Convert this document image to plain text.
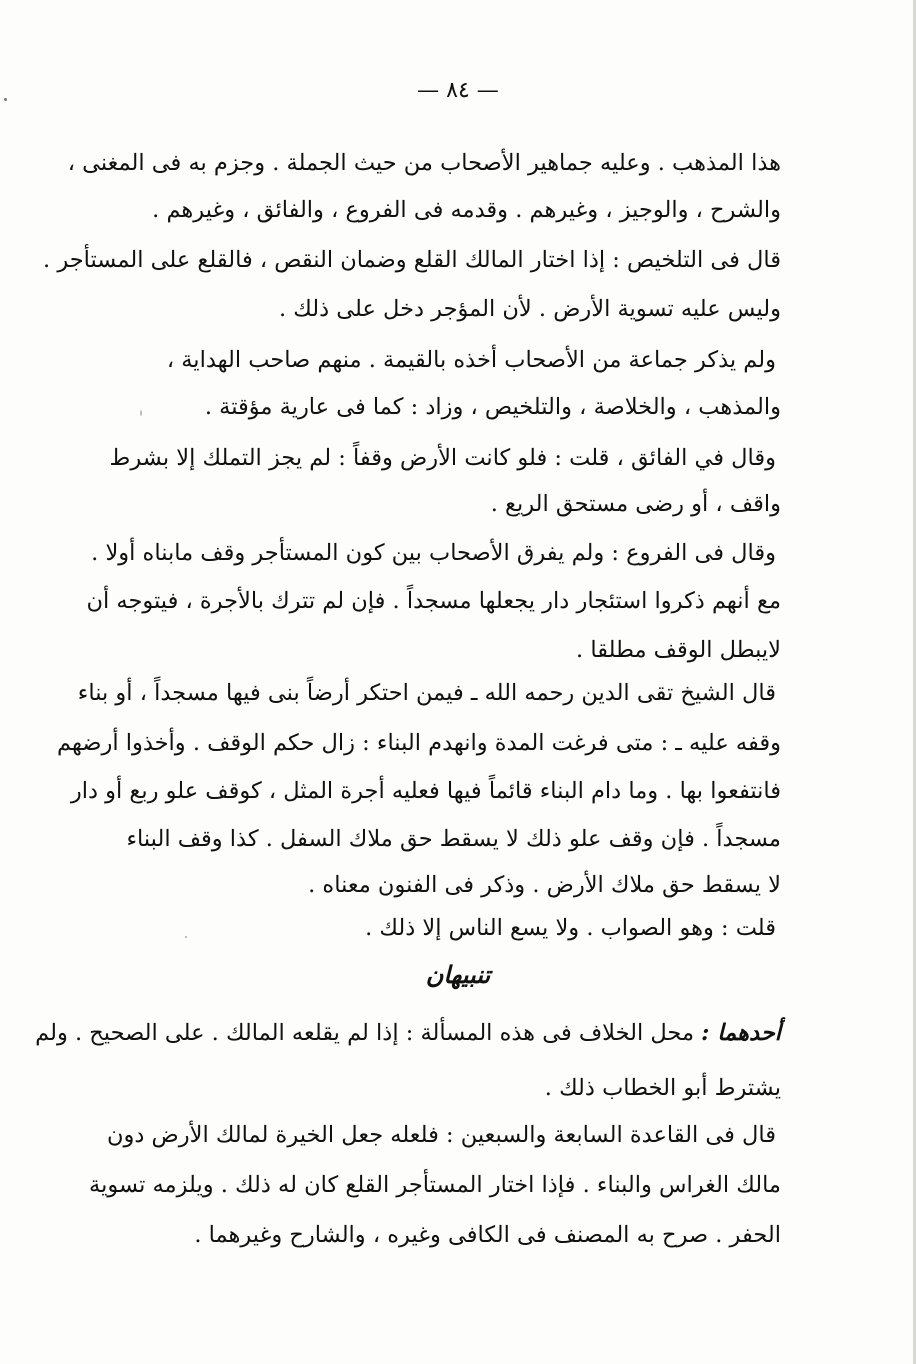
— ٨٤ —
هذا المذهب . وعليه جماهير الأصحاب من حيث الجملة . وجزم به فى المغنى ،
والشرح ، والوجيز ، وغيرهم . وقدمه فى الفروع ، والفائق ، وغيرهم .
قال فى التلخيص : إذا اختار المالك القلع وضمان النقص ، فالقلع على المستأجر .
وليس عليه تسوية الأرض . لأن المؤجر دخل على ذلك .
ولم يذكر جماعة من الأصحاب أخذه بالقيمة . منهم صاحب الهداية ،
والمذهب ، والخلاصة ، والتلخيص ، وزاد : كما فى عارية مؤقتة .
وقال في الفائق ، قلت : فلو كانت الأرض وقفاً : لم يجز التملك إلا بشرط
واقف ، أو رضى مستحق الريع .
وقال فى الفروع : ولم يفرق الأصحاب بين كون المستأجر وقف مابناه أولا .
مع أنهم ذكروا استئجار دار يجعلها مسجداً . فإن لم تترك بالأجرة ، فيتوجه أن
لايبطل الوقف مطلقا .
قال الشيخ تقى الدين رحمه الله ـ فيمن احتكر أرضاً بنى فيها مسجداً ، أو بناء
وقفه عليه ـ : متى فرغت المدة وانهدم البناء : زال حكم الوقف . وأخذوا أرضهم
فانتفعوا بها . وما دام البناء قائماً فيها فعليه أجرة المثل ، كوقف علو ربع أو دار
مسجداً . فإن وقف علو ذلك لا يسقط حق ملاك السفل . كذا وقف البناء
لا يسقط حق ملاك الأرض . وذكر فى الفنون معناه .
قلت : وهو الصواب . ولا يسع الناس إلا ذلك .
تنبيهان
أحدهما : محل الخلاف فى هذه المسألة : إذا لم يقلعه المالك . على الصحيح . ولم
يشترط أبو الخطاب ذلك .
قال فى القاعدة السابعة والسبعين : فلعله جعل الخيرة لمالك الأرض دون
مالك الغراس والبناء . فإذا اختار المستأجر القلع كان له ذلك . ويلزمه تسوية
الحفر . صرح به المصنف فى الكافى وغيره ، والشارح وغيرهما .
